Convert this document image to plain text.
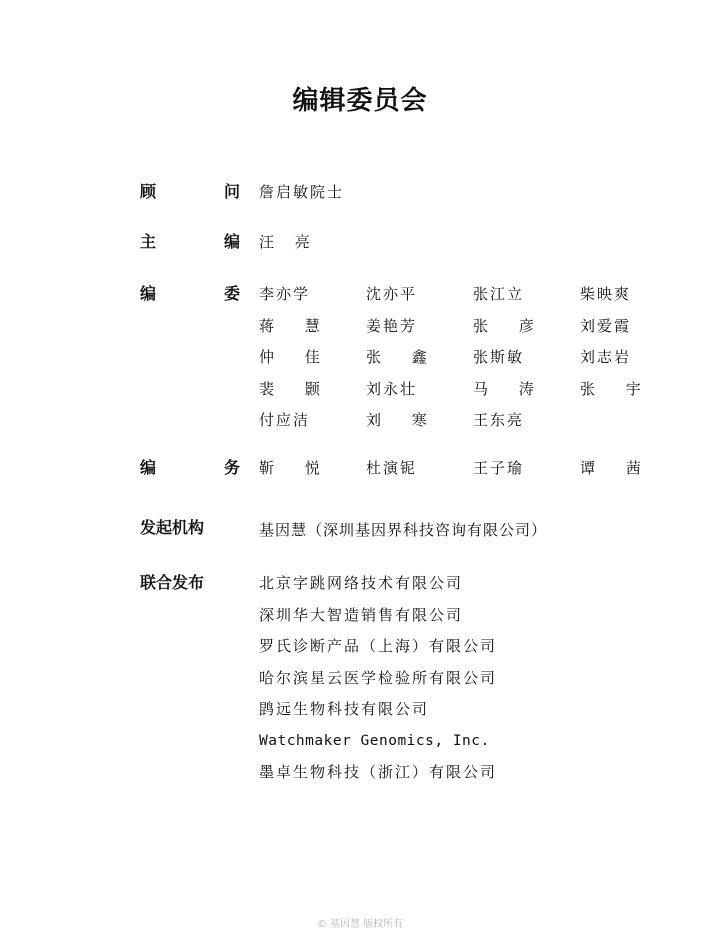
编辑委员会
顾	问 詹启敏院士
主	编 汪 亮
编	委 李亦学	沈亦平	张江立	柴映爽
蒋 慧	姜艳芳	张 彦	刘爱霞
仲 佳	张 鑫	张斯敏	刘志岩
裴 颢	刘永壮	马 涛	张 宇
付应洁	刘 寒	王东亮
编	务 靳 悦	杜演铌	王子瑜	谭 茜
发起机构	基因慧（深圳基因界科技咨询有限公司）
联合发布	北京字跳网络技术有限公司
深圳华大智造销售有限公司
罗氏诊断产品（上海）有限公司
哈尔滨星云医学检验所有限公司
鹍远生物科技有限公司
Watchmaker Genomics, Inc.
墨卓生物科技（浙江）有限公司
© 基因慧 版权所有
